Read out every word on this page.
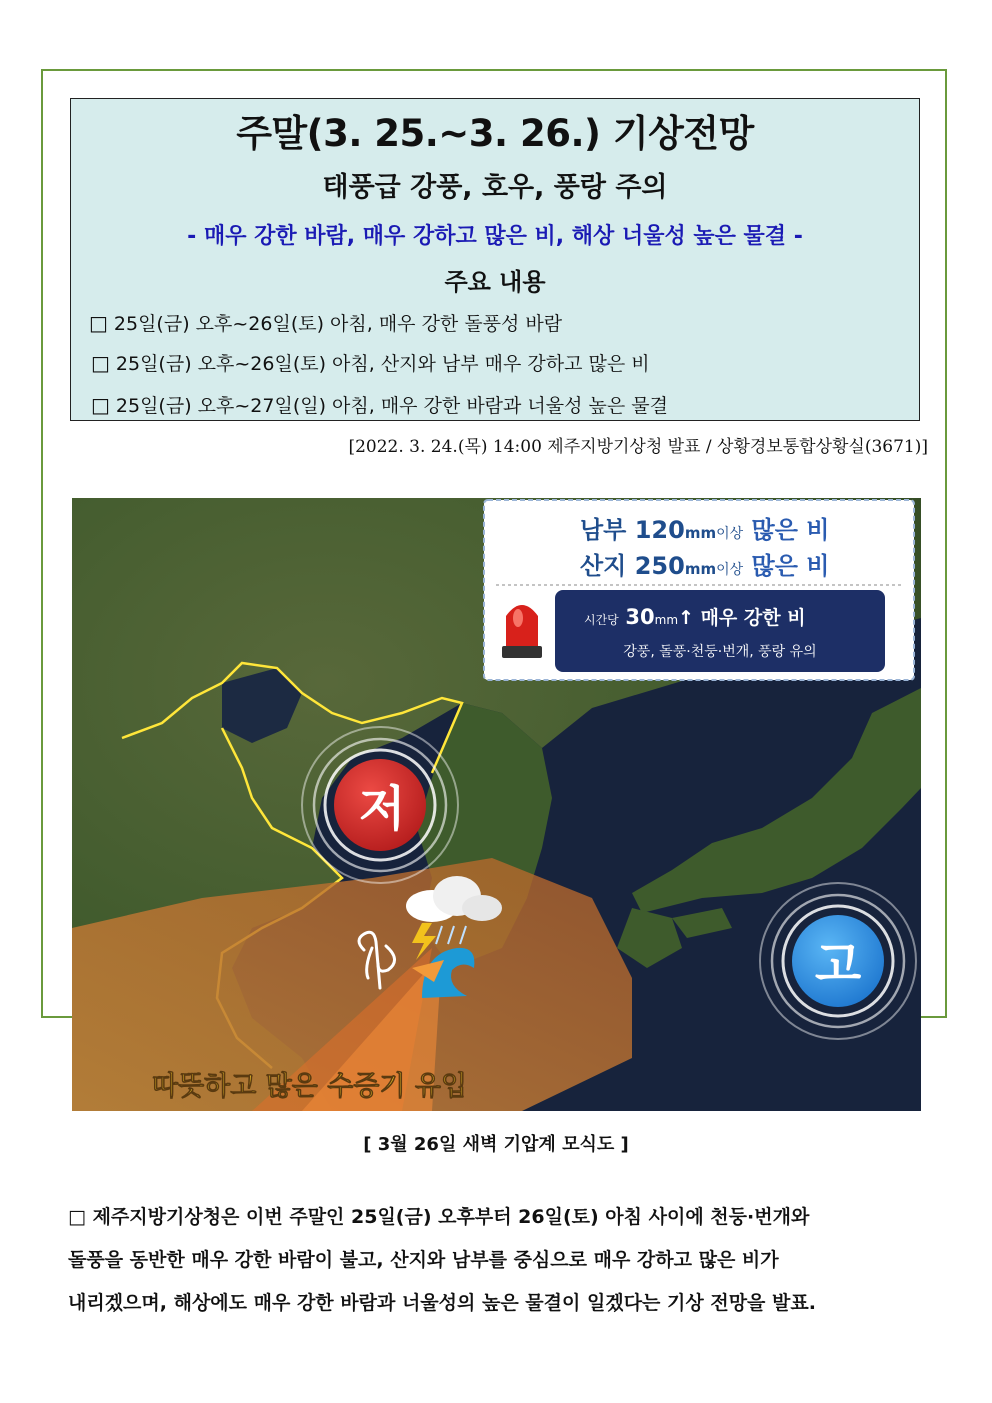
주말(3. 25.~3. 26.) 기상전망
태풍급 강풍, 호우, 풍랑 주의
- 매우 강한 바람, 매우 강하고 많은 비, 해상 너울성 높은 물결 -
주요 내용
□ 25일(금) 오후~26일(토) 아침, 매우 강한 돌풍성 바람
□ 25일(금) 오후~26일(토) 아침, 산지와 남부 매우 강하고 많은 비
□ 25일(금) 오후~27일(일) 아침, 매우 강한 바람과 너울성 높은 물결
[2022. 3. 24.(목) 14:00 제주지방기상청 발표 / 상황경보통합상황실(3671)]
남부 120mm이상 많은 비
산지 250mm이상 많은 비
시간당 30mm↑ 매우 강한 비
강풍, 돌풍·천둥·번개, 풍랑 유의
저
고
따뜻하고 많은 수증기 유입
[ 3월 26일 새벽 기압계 모식도 ]
□ 제주지방기상청은 이번 주말인 25일(금) 오후부터 26일(토) 아침 사이에 천둥·번개와
돌풍을 동반한 매우 강한 바람이 불고, 산지와 남부를 중심으로 매우 강하고 많은 비가
내리겠으며, 해상에도 매우 강한 바람과 너울성의 높은 물결이 일겠다는 기상 전망을 발표.
